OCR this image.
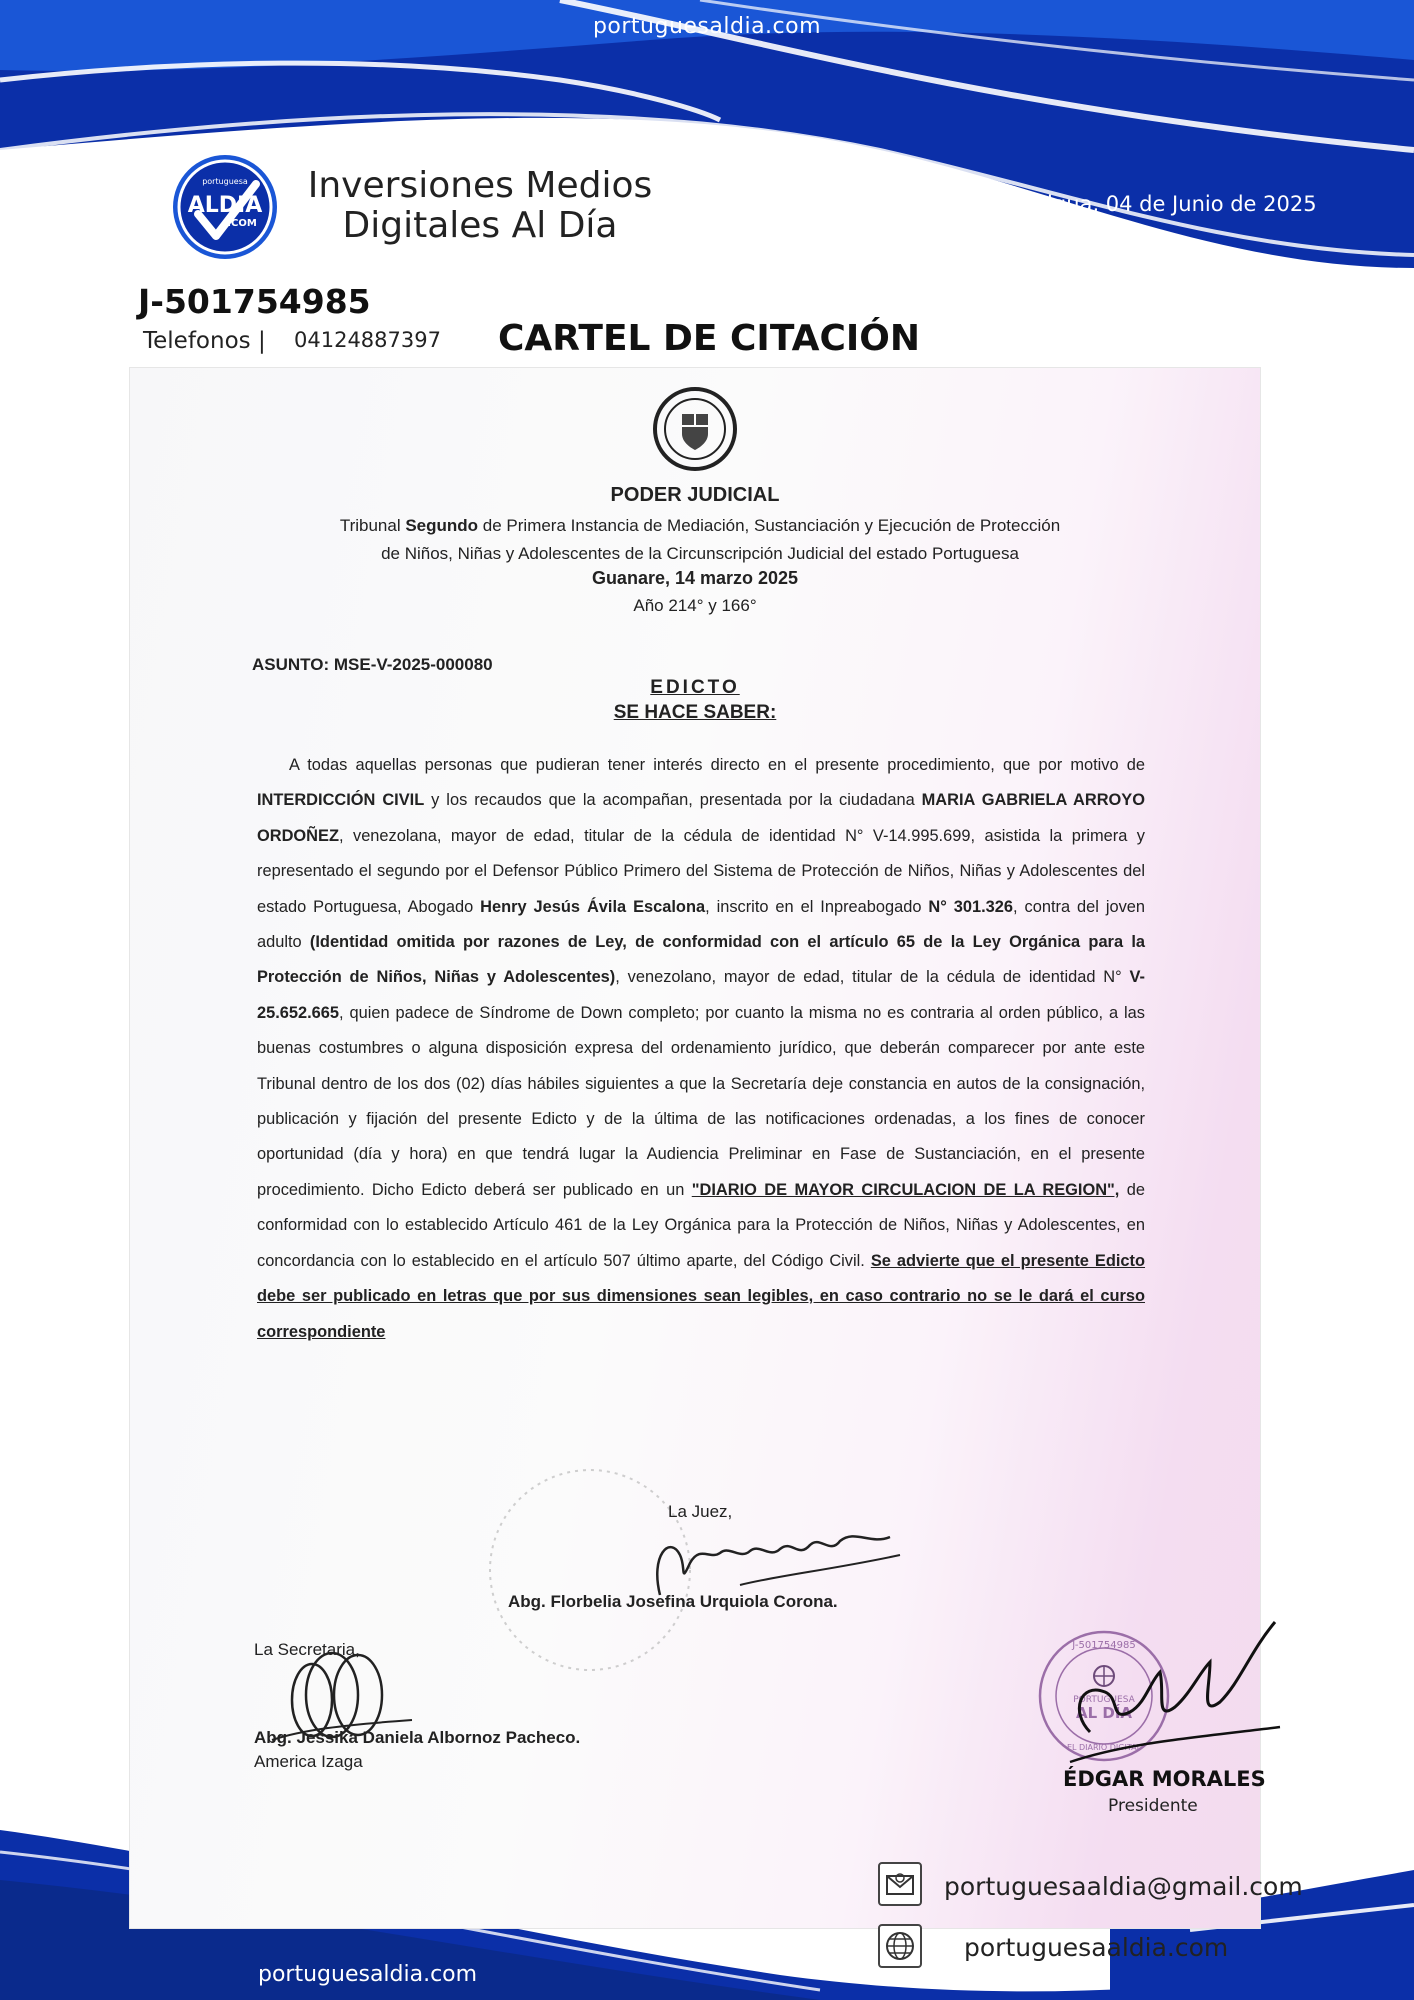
portuguesaldia.com
ALDIA
.COM
portuguesa Inversiones Medios
Digitales Al Día
Acarigua, 04 de Junio de 2025
J-501754985
Telefonos | 04124887397 CARTEL DE CITACIÓN
PODER JUDICIAL
Tribunal Segundo de Primera Instancia de Mediación, Sustanciación y Ejecución de Protección
de Niños, Niñas y Adolescentes de la Circunscripción Judicial del estado Portuguesa
Guanare, 14 marzo 2025
Año 214° y 166°
ASUNTO: MSE-V-2025-000080
EDICTO
SE HACE SABER:
A todas aquellas personas que pudieran tener interés directo en el presente procedimiento, que por motivo de INTERDICCIÓN CIVIL y los recaudos que la acompañan, presentada por la ciudadana MARIA GABRIELA ARROYO ORDOÑEZ, venezolana, mayor de edad, titular de la cédula de identidad N° V-14.995.699, asistida la primera y representado el segundo por el Defensor Público Primero del Sistema de Protección de Niños, Niñas y Adolescentes del estado Portuguesa, Abogado Henry Jesús Ávila Escalona, inscrito en el Inpreabogado N° 301.326, contra del joven adulto (Identidad omitida por razones de Ley, de conformidad con el artículo 65 de la Ley Orgánica para la Protección de Niños, Niñas y Adolescentes), venezolano, mayor de edad, titular de la cédula de identidad N° V-25.652.665, quien padece de Síndrome de Down completo; por cuanto la misma no es contraria al orden público, a las buenas costumbres o alguna disposición expresa del ordenamiento jurídico, que deberán comparecer por ante este Tribunal dentro de los dos (02) días hábiles siguientes a que la Secretaría deje constancia en autos de la consignación, publicación y fijación del presente Edicto y de la última de las notificaciones ordenadas, a los fines de conocer oportunidad (día y hora) en que tendrá lugar la Audiencia Preliminar en Fase de Sustanciación, en el presente procedimiento. Dicho Edicto deberá ser publicado en un "DIARIO DE MAYOR CIRCULACION DE LA REGION", de conformidad con lo establecido Artículo 461 de la Ley Orgánica para la Protección de Niños, Niñas y Adolescentes, en concordancia con lo establecido en el artículo 507 último aparte, del Código Civil. Se advierte que el presente Edicto debe ser publicado en letras que por sus dimensiones sean legibles, en caso contrario no se le dará el curso correspondiente
La Juez,
Abg. Florbelia Josefina Urquiola Corona.
La Secretaria,
Abg. Jessika Daniela Albornoz Pacheco.
America Izaga
J-501754985
PORTUGUESA
AL DÍA
EL DIARIO DIGITAL
ÉDGAR MORALES
Presidente
portuguesaaldia@gmail.com
portuguesaaldia.com
portuguesaldia.com
